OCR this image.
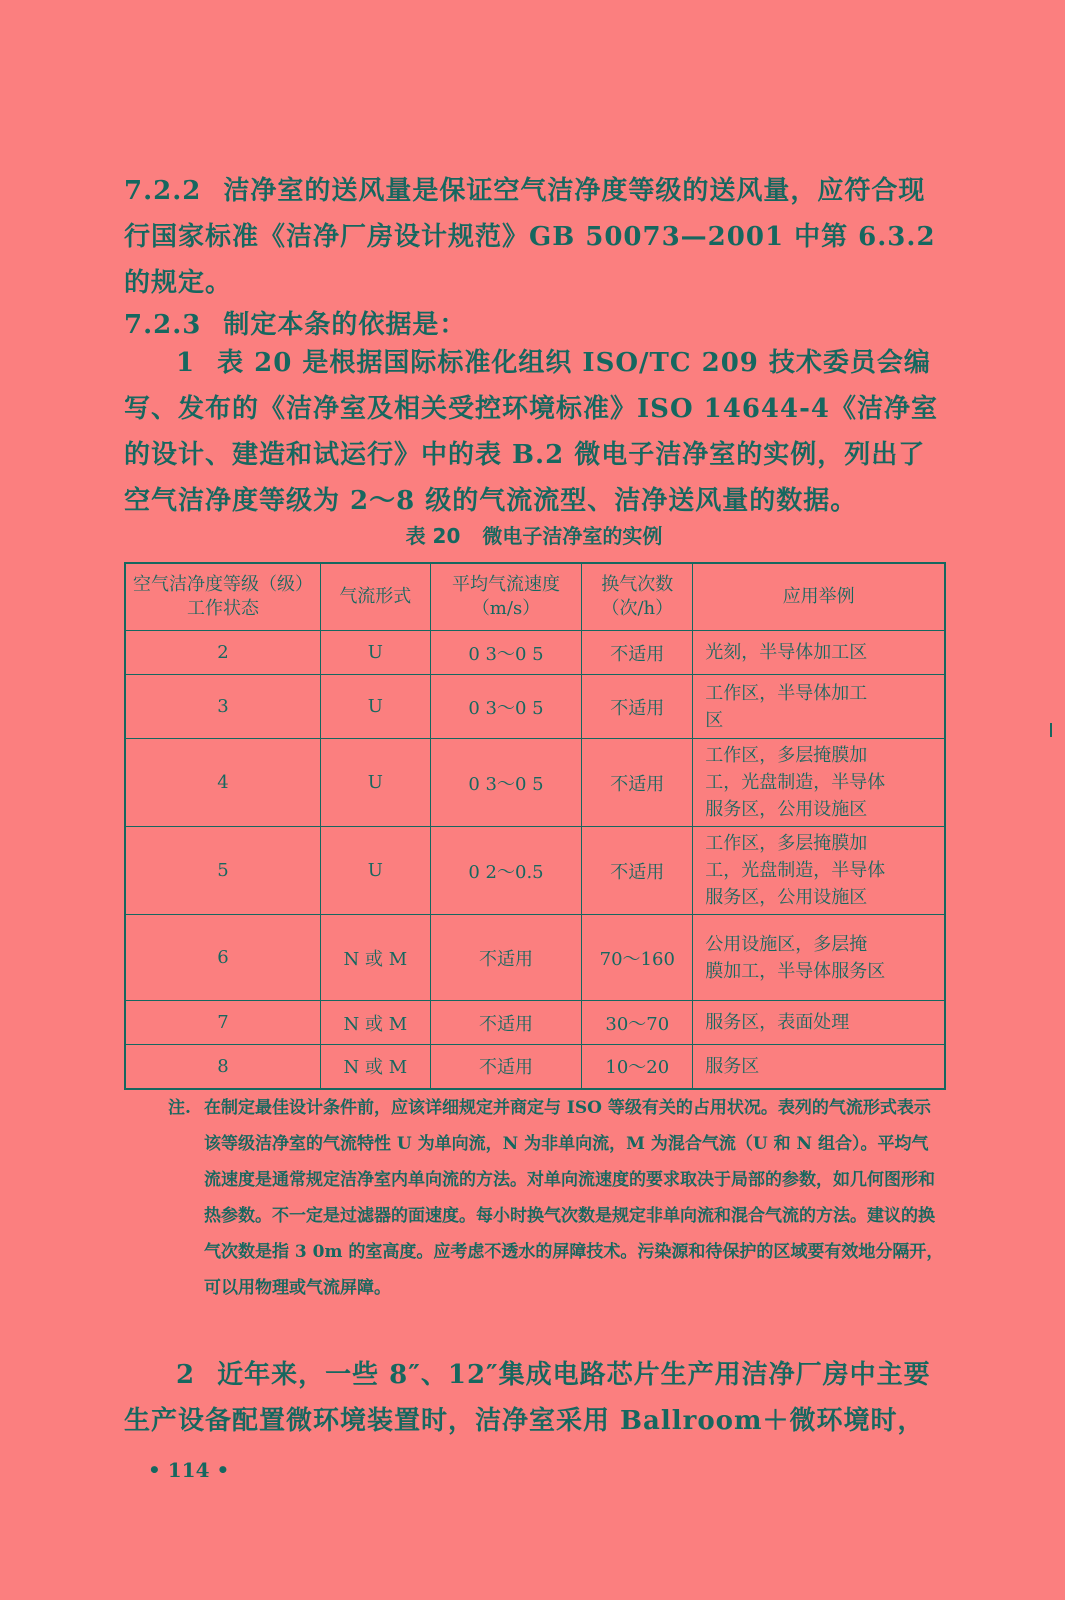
7.2.2 洁净室的送风量是保证空气洁净度等级的送风量，应符合现行国家标准《洁净厂房设计规范》GB 50073—2001 中第 6.3.2 的规定。

7.2.3 制定本条的依据是：

1 表 20 是根据国际标准化组织 ISO/TC 209 技术委员会编写、发布的《洁净室及相关受控环境标准》ISO 14644-4《洁净室的设计、建造和试运行》中的表 B.2 微电子洁净室的实例，列出了空气洁净度等级为 2～8 级的气流流型、洁净送风量的数据。

表 20 微电子洁净室的实例
空气洁净度等级（级）工作状态	气流形式	平均气流速度（m/s）	换气次数（次/h）	应用举例
2	U	0 3～0 5	不适用	光刻，半导体加工区

3	U	0 3～0 5	不适用	工作区，半导体加工
区

4	U	0 3～0 5	不适用	工作区，多层掩膜加
工，光盘制造，半导体
服务区，公用设施区

5	U	0 2～0.5	不适用	工作区，多层掩膜加
工，光盘制造，半导体
服务区，公用设施区

6	N 或 M	不适用	70～160	公用设施区，多层掩
膜加工，半导体服务区

7	N 或 M	不适用	30～70	服务区，表面处理

8	N 或 M	不适用	10～20	服务区
注. 在制定最佳设计条件前，应该详细规定并商定与 ISO 等级有关的占用状况。表列的气流形式表示该等级洁净室的气流特性 U 为单向流，N 为非单向流，M 为混合气流（U 和 N 组合）。平均气流速度是通常规定洁净室内单向流的方法。对单向流速度的要求取决于局部的参数，如几何图形和热参数。不一定是过滤器的面速度。每小时换气次数是规定非单向流和混合气流的方法。建议的换气次数是指 3 0m 的室高度。应考虑不透水的屏障技术。污染源和待保护的区域要有效地分隔开，可以用物理或气流屏障。

2 近年来，一些 8″、12″集成电路芯片生产用洁净厂房中主要生产设备配置微环境装置时，洁净室采用 Ballroom＋微环境时，

• 114 •
